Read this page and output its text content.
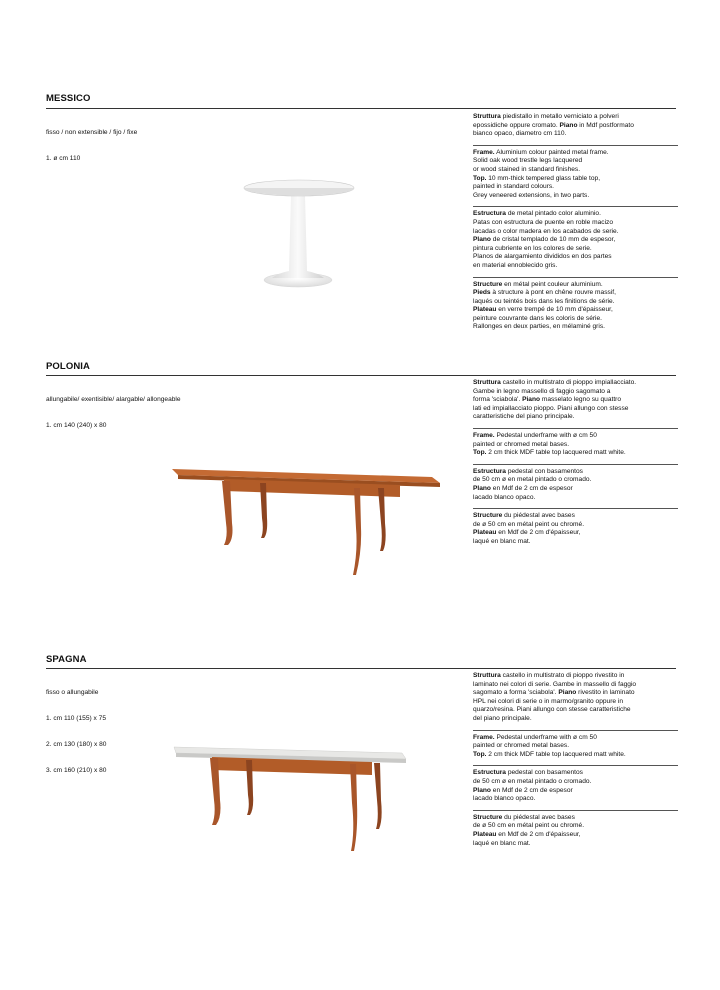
MESSICO

fisso / non extensible / fijo / fixe

1. ø cm 110

Struttura piedistallo in metallo verniciato a polveri

epossidiche oppure cromato. Piano in Mdf postformato

bianco opaco, diametro cm 110.

Frame. Aluminium colour painted metal frame.

Solid oak wood trestle legs lacquered

or wood stained in standard finishes.

Top. 10 mm-thick tempered glass table top,

painted in standard colours.

Grey veneered extensions, in two parts.

Estructura de metal pintado color aluminio.

Patas con estructura de puente en roble macizo

lacadas o color madera en los acabados de serie.

Plano de cristal templado de 10 mm de espesor,

pintura cubriente en los colores de serie.

Planos de alargamiento divididos en dos partes

en material ennoblecido gris.

Structure en métal peint couleur aluminium.

Pieds à structure à pont en chêne rouvre massif,

laqués ou teintés bois dans les finitions de série.

Plateau en verre trempé de 10 mm d'épaisseur,

peinture couvrante dans les coloris de série.

Rallonges en deux parties, en mélaminé gris.

POLONIA

allungabile/ exentisible/ alargable/ allongeable

1. cm 140 (240) x 80

Struttura castello in multistrato di pioppo impiallacciato.

Gambe in legno massello di faggio sagomato a

forma 'sciabola'. Piano masselato legno su quattro

lati ed impiallacciato pioppo. Piani allungo con stesse

caratteristiche del piano principale.

Frame. Pedestal underframe with ø cm 50

painted or chromed metal bases.

Top. 2 cm thick MDF table top lacquered matt white.

Estructura pedestal con basamentos

de 50 cm ø en metal pintado o cromado.

Plano en Mdf de 2 cm de espesor

lacado blanco opaco.

Structure du piédestal avec bases

de ø 50 cm en métal peint ou chromé.

Plateau en Mdf de 2 cm d'épaisseur,

laqué en blanc mat.

SPAGNA

fisso o allungabile

1. cm 110 (155) x 75

2. cm 130 (180) x 80

3. cm 160 (210) x 80

Struttura castello in multistrato di pioppo rivestito in

laminato nei colori di serie. Gambe in massello di faggio

sagomato a forma 'sciabola'. Piano rivestito in laminato

HPL nei colori di serie o in marmo/granito oppure in

quarzo/resina. Piani allungo con stesse caratteristiche

del piano principale.

Frame. Pedestal underframe with ø cm 50

painted or chromed metal bases.

Top. 2 cm thick MDF table top lacquered matt white.

Estructura pedestal con basamentos

de 50 cm ø en metal pintado o cromado.

Plano en Mdf de 2 cm de espesor

lacado blanco opaco.

Structure du piédestal avec bases

de ø 50 cm en métal peint ou chromé.

Plateau en Mdf de 2 cm d'épaisseur,

laqué en blanc mat.
